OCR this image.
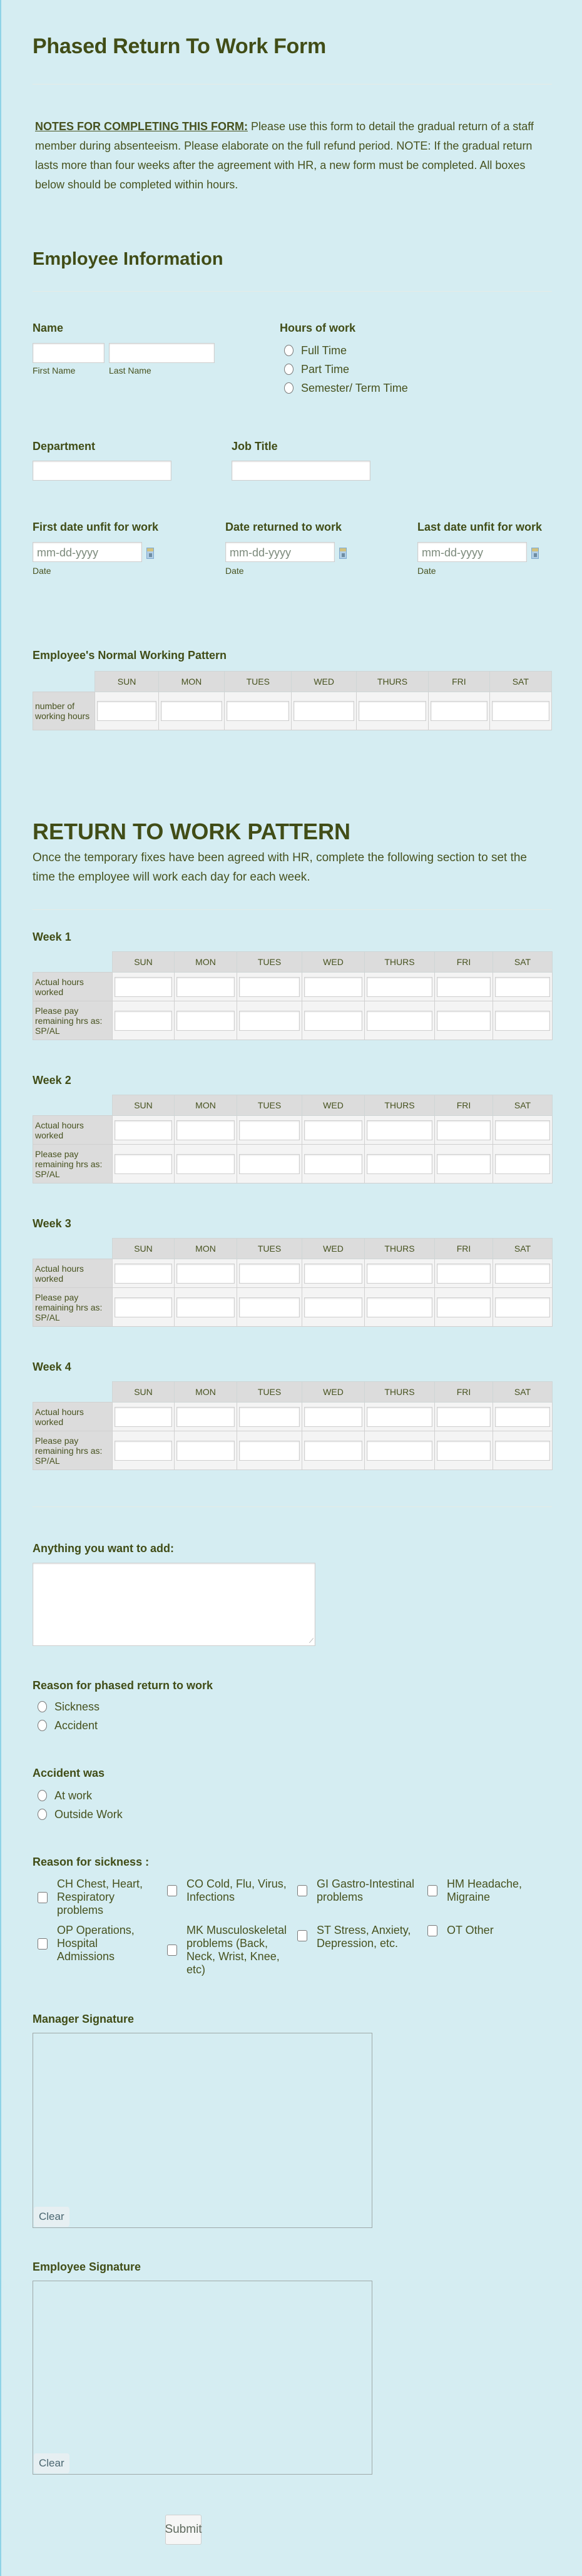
Phased Return To Work Form
NOTES FOR COMPLETING THIS FORM: Please use this form to detail the gradual return of a staff member during absenteeism. Please elaborate on the full refund period. NOTE: If the gradual return lasts more than four weeks after the agreement with HR, a new form must be completed. All boxes below should be completed within hours.
Employee Information
Name
First Name	Last Name
Hours of work
Full Time
Part Time
Semester/ Term Time
Department	Job Title
First date unfit for work
mm-dd-yyyy
Date
Date returned to work
mm-dd-yyyy
Date
Last date unfit for work
mm-dd-yyyy
Date
Employee's Normal Working Pattern
	SUN	MON	TUES	WED	THURS	FRI	SAT
number of working hours	

RETURN TO WORK PATTERN
Once the temporary fixes have been agreed with HR, complete the following section to set the time the employee will work each day for each week.
Week 1
	SUN	MON	TUES	WED	THURS	FRI	SAT
Actual hours worked	

Please pay remaining hrs as: SP/AL	

Week 2
	SUN	MON	TUES	WED	THURS	FRI	SAT
Actual hours worked	

Please pay remaining hrs as: SP/AL	

Week 3
	SUN	MON	TUES	WED	THURS	FRI	SAT
Actual hours worked	

Please pay remaining hrs as: SP/AL	

Week 4
	SUN	MON	TUES	WED	THURS	FRI	SAT
Actual hours worked	

Please pay remaining hrs as: SP/AL	

Anything you want to add:
⟋
Reason for phased return to work
Sickness
Accident
Accident was
At work
Outside Work
Reason for sickness :
CH Chest, Heart, Respiratory problems
CO Cold, Flu, Virus, Infections
GI Gastro-Intestinal problems
HM Headache, Migraine
OP Operations, Hospital Admissions
MK Musculoskeletal problems (Back, Neck, Wrist, Knee, etc)
ST Stress, Anxiety, Depression, etc.
OT Other
Manager Signature
Clear
Employee Signature
Clear
Submit
